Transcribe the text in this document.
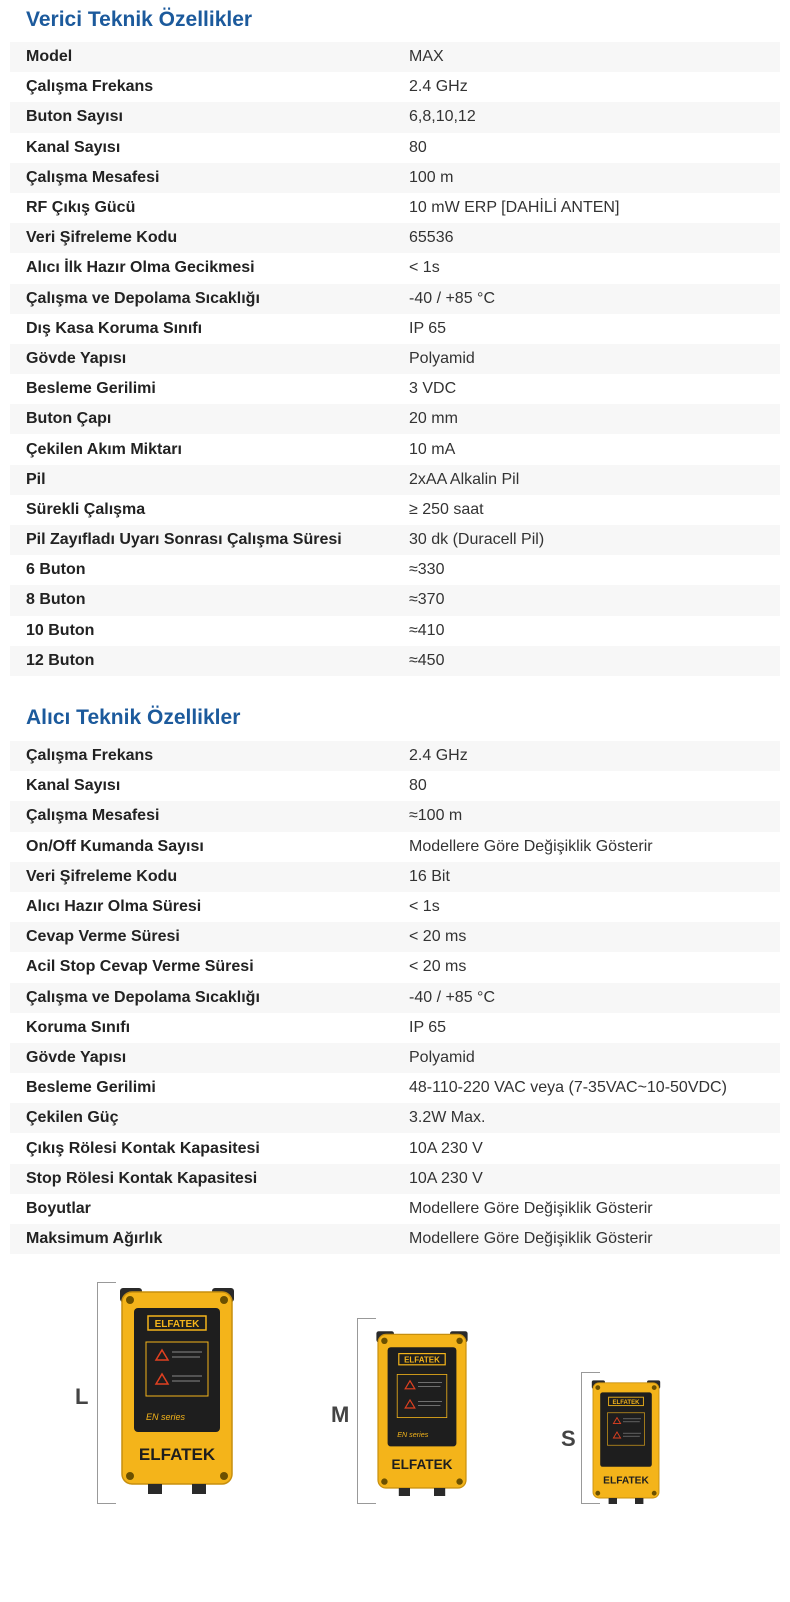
Verici Teknik Özellikler
Model	MAX
Çalışma Frekans	2.4 GHz
Buton Sayısı	6,8,10,12
Kanal Sayısı	80
Çalışma Mesafesi	100 m
RF Çıkış Gücü	10 mW ERP [DAHİLİ ANTEN]
Veri Şifreleme Kodu	65536
Alıcı İlk Hazır Olma Gecikmesi	< 1s
Çalışma ve Depolama Sıcaklığı	-40 / +85 °C
Dış Kasa Koruma Sınıfı	IP 65
Gövde Yapısı	Polyamid
Besleme Gerilimi	3 VDC
Buton Çapı	20 mm
Çekilen Akım Miktarı	10 mA
Pil	2xAA Alkalin Pil
Sürekli Çalışma	≥ 250 saat
Pil Zayıfladı Uyarı Sonrası Çalışma Süresi	30 dk (Duracell Pil)
6 Buton	≈330
8 Buton	≈370
10 Buton	≈410
12 Buton	≈450
Alıcı Teknik Özellikler
Çalışma Frekans	2.4 GHz
Kanal Sayısı	80
Çalışma Mesafesi	≈100 m
On/Off Kumanda Sayısı	Modellere Göre Değişiklik Gösterir
Veri Şifreleme Kodu	16 Bit
Alıcı Hazır Olma Süresi	< 1s
Cevap Verme Süresi	< 20 ms
Acil Stop Cevap Verme Süresi	< 20 ms
Çalışma ve Depolama Sıcaklığı	-40 / +85 °C
Koruma Sınıfı	IP 65
Gövde Yapısı	Polyamid
Besleme Gerilimi	48-110-220 VAC veya (7-35VAC~10-50VDC)
Çekilen Güç	3.2W Max.
Çıkış Rölesi Kontak Kapasitesi	10A 230 V
Stop Rölesi Kontak Kapasitesi	10A 230 V
Boyutlar	Modellere Göre Değişiklik Gösterir
Maksimum Ağırlık	Modellere Göre Değişiklik Gösterir
L
ELFATEK
EN series
ELFATEK
M
ELFATEK
EN series
ELFATEK
S
ELFATEK
ELFATEK
